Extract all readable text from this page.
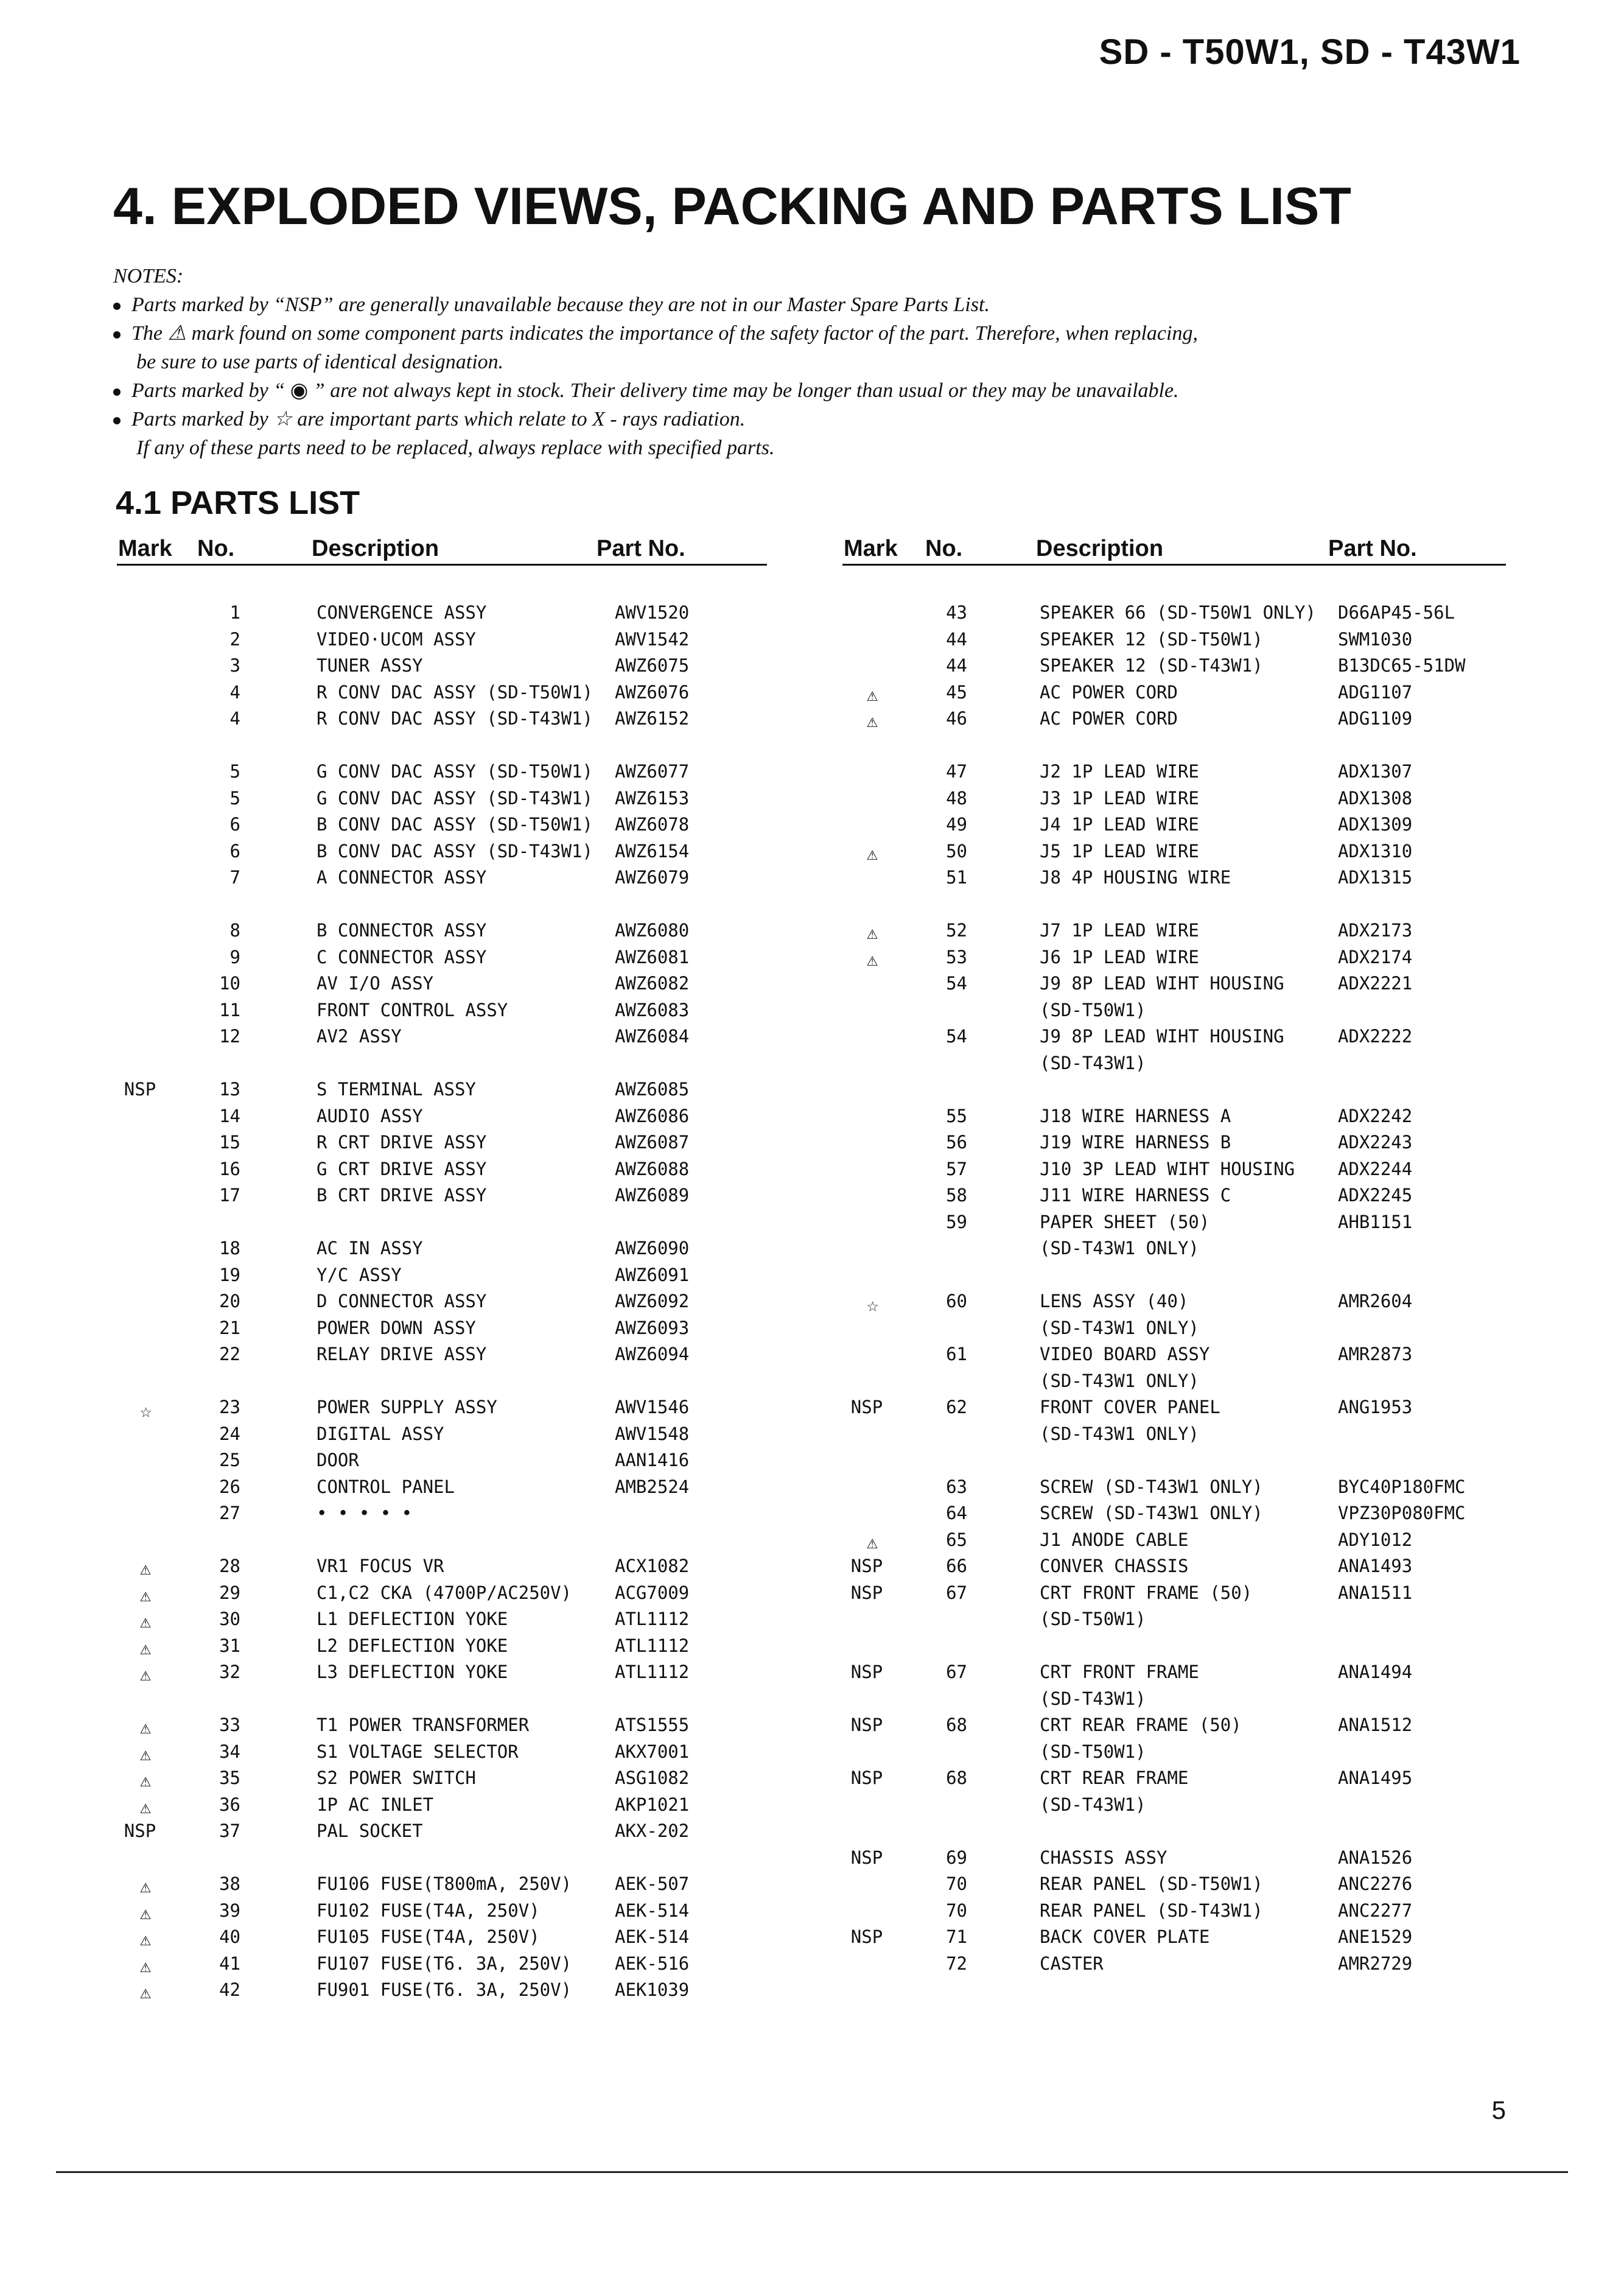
SD - T50W1, SD - T43W1
4. EXPLODED VIEWS, PACKING AND PARTS LIST
NOTES:
Parts marked by “NSP” are generally unavailable because they are not in our Master Spare Parts List.
The ⚠ mark found on some component parts indicates the importance of the safety factor of the part. Therefore, when replacing,
be sure to use parts of identical designation.
Parts marked by “ ◉ ” are not always kept in stock. Their delivery time may be longer than usual or they may be unavailable.
Parts marked by ☆ are important parts which relate to X - rays radiation.
If any of these parts need to be replaced, always replace with specified parts.
4.1 PARTS LIST
Mark No.	Description	Part No.	Mark No.	Description	Part No.
1	CONVERGENCE ASSY	AWV1520
2	VIDEO·UCOM ASSY	AWV1542
3	TUNER ASSY	AWZ6075
4	R CONV DAC ASSY (SD-T50W1) AWZ6076
4	R CONV DAC ASSY (SD-T43W1) AWZ6152
5	G CONV DAC ASSY (SD-T50W1) AWZ6077
5	G CONV DAC ASSY (SD-T43W1) AWZ6153
6	B CONV DAC ASSY (SD-T50W1) AWZ6078
6	B CONV DAC ASSY (SD-T43W1) AWZ6154
7	A CONNECTOR ASSY	AWZ6079
8	B CONNECTOR ASSY	AWZ6080
9	C CONNECTOR ASSY	AWZ6081
10	AV I/O ASSY	AWZ6082
11	FRONT CONTROL ASSY	AWZ6083
12	AV2 ASSY	AWZ6084
NSP	13	S TERMINAL ASSY	AWZ6085
14	AUDIO ASSY	AWZ6086
15	R CRT DRIVE ASSY	AWZ6087
16	G CRT DRIVE ASSY	AWZ6088
17	B CRT DRIVE ASSY	AWZ6089
18	AC IN ASSY	AWZ6090
19	Y/C ASSY	AWZ6091
20	D CONNECTOR ASSY	AWZ6092
21	POWER DOWN ASSY	AWZ6093
22	RELAY DRIVE ASSY	AWZ6094
☆	23	POWER SUPPLY ASSY	AWV1546
24	DIGITAL ASSY	AWV1548
25	DOOR	AAN1416
26	CONTROL PANEL	AMB2524
27	• • • • •
⚠	28	VR1 FOCUS VR	ACX1082
⚠	29	C1,C2 CKA (4700P/AC250V) ACG7009
⚠	30	L1 DEFLECTION YOKE	ATL1112
⚠	31	L2 DEFLECTION YOKE	ATL1112
⚠	32	L3 DEFLECTION YOKE	ATL1112
⚠	33	T1 POWER TRANSFORMER	ATS1555
⚠	34	S1 VOLTAGE SELECTOR	AKX7001
⚠	35	S2 POWER SWITCH	ASG1082
⚠	36	1P AC INLET	AKP1021
NSP	37	PAL SOCKET	AKX-202
⚠	38	FU106 FUSE(T800mA, 250V) AEK-507
⚠	39	FU102 FUSE(T4A, 250V)	AEK-514
⚠	40	FU105 FUSE(T4A, 250V)	AEK-514
⚠	41	FU107 FUSE(T6. 3A, 250V) AEK-516
⚠	42	FU901 FUSE(T6. 3A, 250V) AEK1039
43	SPEAKER 66 (SD-T50W1 ONLY) D66AP45-56L
44	SPEAKER 12 (SD-T50W1)	SWM1030
44	SPEAKER 12 (SD-T43W1)	B13DC65-51DW
⚠	45	AC POWER CORD	ADG1107
⚠	46	AC POWER CORD	ADG1109
47	J2 1P LEAD WIRE	ADX1307
48	J3 1P LEAD WIRE	ADX1308
49	J4 1P LEAD WIRE	ADX1309
⚠	50	J5 1P LEAD WIRE	ADX1310
51	J8 4P HOUSING WIRE	ADX1315
⚠	52	J7 1P LEAD WIRE	ADX2173
⚠	53	J6 1P LEAD WIRE	ADX2174
54	J9 8P LEAD WIHT HOUSING	ADX2221
(SD-T50W1)
54	J9 8P LEAD WIHT HOUSING	ADX2222
(SD-T43W1)
55	J18 WIRE HARNESS A	ADX2242
56	J19 WIRE HARNESS B	ADX2243
57	J10 3P LEAD WIHT HOUSING ADX2244
58	J11 WIRE HARNESS C	ADX2245
59	PAPER SHEET (50)	AHB1151
(SD-T43W1 ONLY)
☆	60	LENS ASSY (40)	AMR2604
(SD-T43W1 ONLY)
61	VIDEO BOARD ASSY	AMR2873
(SD-T43W1 ONLY)
NSP	62	FRONT COVER PANEL	ANG1953
(SD-T43W1 ONLY)
63	SCREW (SD-T43W1 ONLY)	BYC40P180FMC
64	SCREW (SD-T43W1 ONLY)	VPZ30P080FMC
⚠	65	J1 ANODE CABLE	ADY1012
NSP	66	CONVER CHASSIS	ANA1493
NSP	67	CRT FRONT FRAME (50)	ANA1511
(SD-T50W1)
NSP	67	CRT FRONT FRAME	ANA1494
(SD-T43W1)
NSP	68	CRT REAR FRAME (50)	ANA1512
(SD-T50W1)
NSP	68	CRT REAR FRAME	ANA1495
(SD-T43W1)
NSP	69	CHASSIS ASSY	ANA1526
70	REAR PANEL (SD-T50W1)	ANC2276
70	REAR PANEL (SD-T43W1)	ANC2277
NSP	71	BACK COVER PLATE	ANE1529
72	CASTER	AMR2729
5
